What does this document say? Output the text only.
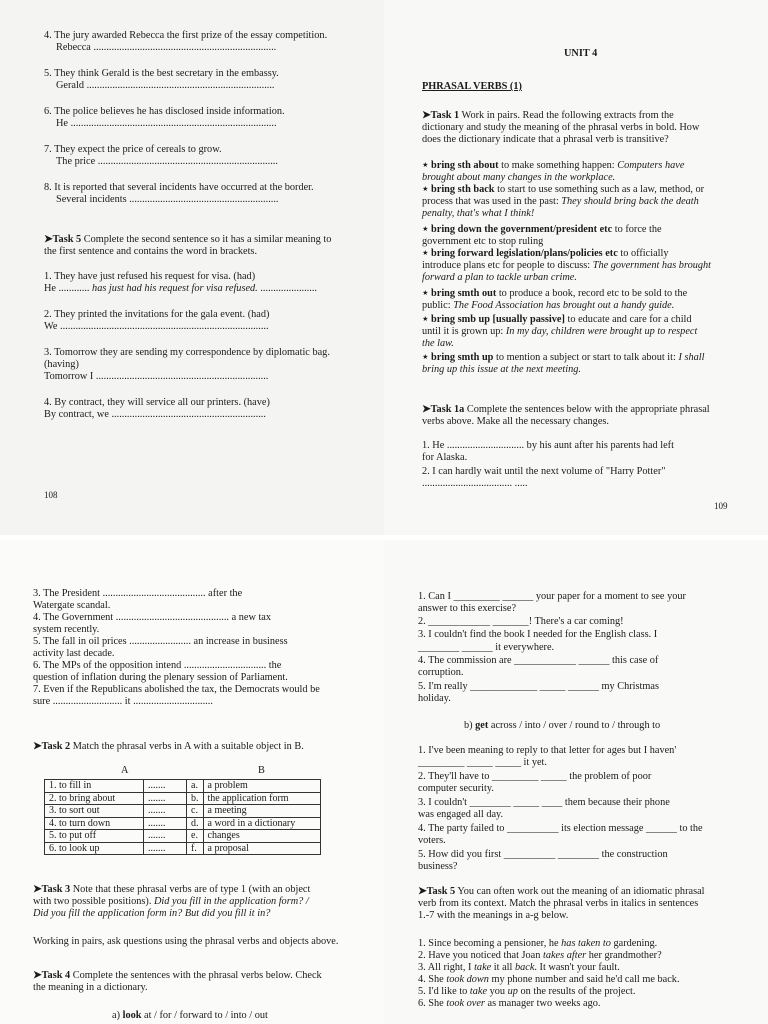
4. The jury awarded Rebecca the first prize of the essay competition.
Rebecca .......................................................................
5. They think Gerald is the best secretary in the embassy.
Gerald .........................................................................
6. The police believes he has disclosed inside information.
He ................................................................................
7. They expect the price of cereals to grow.
The price ......................................................................
8. It is reported that several incidents have occurred at the border.
Several incidents ..........................................................
➤Task 5 Complete the second sentence so it has a similar meaning to
the first sentence and contains the word in brackets.
1. They have just refused his request for visa. (had)
He ............ has just had his request for visa refused. ......................
2. They printed the invitations for the gala event. (had)
We .................................................................................
3. Tomorrow they are sending my correspondence by diplomatic bag.
(having)
Tomorrow I ...................................................................
4. By contract, they will service all our printers. (have)
By contract, we ............................................................
108
UNIT 4
PHRASAL VERBS (1)
➤Task 1 Work in pairs. Read the following extracts from the
dictionary and study the meaning of the phrasal verbs in bold. How
does the dictionary indicate that a phrasal verb is transitive?
⋆ bring sth about to make something happen: Computers have
brought about many changes in the workplace.
⋆ bring sth back to start to use something such as a law, method, or
process that was used in the past: They should bring back the death
penalty, that's what I think!
⋆ bring down the government/president etc to force the
government etc to stop ruling
⋆ bring forward legislation/plans/policies etc to officially
introduce plans etc for people to discuss: The government has brought
forward a plan to tackle urban crime.
⋆ bring smth out to produce a book, record etc to be sold to the
public: The Food Association has brought out a handy guide.
⋆ bring smb up [usually passive] to educate and care for a child
until it is grown up: In my day, children were brought up to respect
the law.
⋆ bring smth up to mention a subject or start to talk about it: I shall
bring up this issue at the next meeting.
➤Task 1a Complete the sentences below with the appropriate phrasal
verbs above. Make all the necessary changes.
1. He .............................. by his aunt after his parents had left
for Alaska.
2. I can hardly wait until the next volume of "Harry Potter"
................................... .....
109
3. The President ........................................ after the
Watergate scandal.
4. The Government ............................................ a new tax
system recently.
5. The fall in oil prices ........................ an increase in business
activity last decade.
6. The MPs of the opposition intend ................................ the
question of inflation during the plenary session of Parliament.
7. Even if the Republicans abolished the tax, the Democrats would be
sure ........................... it ...............................
➤Task 2 Match the phrasal verbs in A with a suitable object in B.
A	B
1. to fill in	.......	a.	a problem
2. to bring about	.......	b.	the application form
3. to sort out	.......	c.	a meeting
4. to turn down	.......	d.	a word in a dictionary
5. to put off	.......	e.	changes
6. to look up	.......	f.	a proposal
➤Task 3 Note that these phrasal verbs are of type 1 (with an object
with two possible positions). Did you fill in the application form? /
Did you fill the application form in? But did you fill it in?
Working in pairs, ask questions using the phrasal verbs and objects above.
➤Task 4 Complete the sentences with the phrasal verbs below. Check
the meaning in a dictionary.
a) look at / for / forward to / into / out
1. Can I _________ ______ your paper for a moment to see your
answer to this exercise?
2. ____________ _______! There's a car coming!
3. I couldn't find the book I needed for the English class. I
________ ______ it everywhere.
4. The commission are ____________ ______ this case of
corruption.
5. I'm really _____________ _____ ______ my Christmas
holiday.
b) get across / into / over / round to / through to
1. I've been meaning to reply to that letter for ages but I haven'
_________ _____ _____ it yet.
2. They'll have to _________ _____ the problem of poor
computer security.
3. I couldn't ________ _____ ____ them because their phone
was engaged all day.
4. The party failed to __________ its election message ______ to the
voters.
5. How did you first __________ ________ the construction
business?
➤Task 5 You can often work out the meaning of an idiomatic phrasal
verb from its context. Match the phrasal verbs in italics in sentences
1.-7 with the meanings in a-g below.
1. Since becoming a pensioner, he has taken to gardening.
2. Have you noticed that Joan takes after her grandmother?
3. All right, I take it all back. It wasn't your fault.
4. She took down my phone number and said he'd call me back.
5. I'd like to take you up on the results of the project.
6. She took over as manager two weeks ago.
